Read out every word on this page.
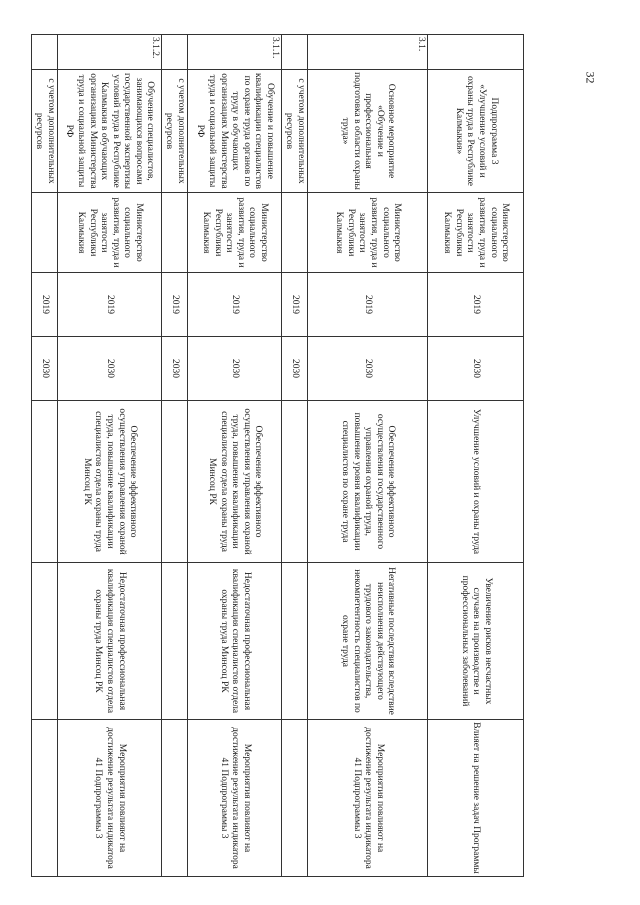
32
	Подпрограмма 3 «Улучшение условий и охраны труда в Республике Калмыкия»	Министерство социального развития, труда и занятости Республики Калмыкия	2019	2030	Улучшение условий и охраны труда	Увеличение рисков несчастных случаев на производстве и профессиональных заболеваний	Влияет на решение задач Программы
3.1.	Основное мероприятие «Обучение и профессиональная подготовка в области охраны труда»	Министерство социального развития, труда и занятости Республики Калмыкия	2019	2030	Обеспечение эффективного осуществления государственного управления охраной труда, повышение уровня квалификации специалистов по охране труда	Негативные последствия вследствие неисполнения действующего трудового законодательства, некомпетентность специалистов по охране труда	Мероприятия повлияют на достижение результата индикатора 41 Подпрограммы 3
	с учетом дополнительных ресурсов		2019	2030			
3.1.1.	Обучение и повышение квалификации специалистов по охране труда органов по труду в обучающих организациях Министерства труда и социальной защиты РФ	Министерство социального развития, труда и занятости Республики Калмыкия	2019	2030	Обеспечение эффективного осуществления управления охраной труда, повышение квалификации специалистов отдела охраны труда Минсоц РК	Недостаточная профессиональная квалификация специалистов отдела охраны труда Минсоц РК	Мероприятия повлияют на достижение результата индикатора 41 Подпрограммы 3
	с учетом дополнительных ресурсов		2019	2030			
3.1.2.	Обучение специалистов, занимающихся вопросами государственной экспертизы условий труда в Республике Калмыкия в обучающих организациях Министерства труда и социальной защиты РФ	Министерство социального развития, труда и занятости Республики Калмыкия	2019	2030	Обеспечение эффективного осуществления управления охраной труда, повышение квалификации специалистов отдела охраны труда Минсоц РК	Недостаточная профессиональная квалификация специалистов отдела охраны труда Минсоц РК	Мероприятия повлияют на достижение результата индикатора 41 Подпрограммы 3
	с учетом дополнительных ресурсов		2019	2030			
